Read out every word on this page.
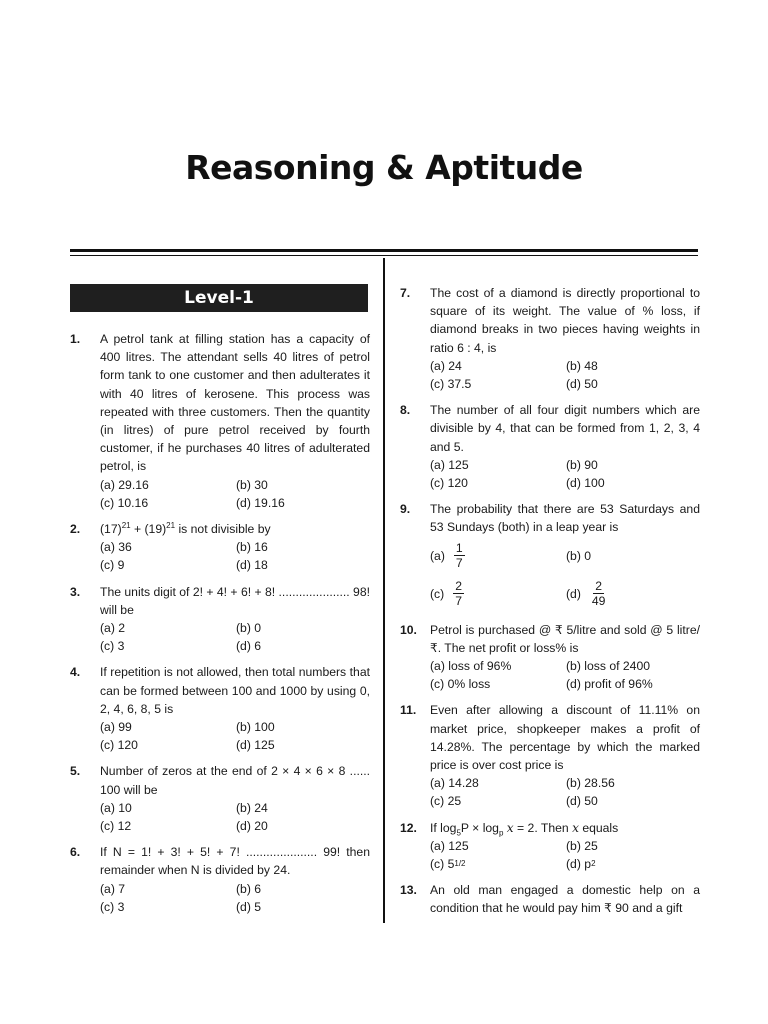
Reasoning & Aptitude
Level-1
1. A petrol tank at filling station has a capacity of 400 litres. The attendant sells 40 litres of petrol form tank to one customer and then adulterates it with 40 litres of kerosene. This process was repeated with three customers. Then the quantity (in litres) of pure petrol received by fourth customer, if he purchases 40 litres of adulterated petrol, is
(a) 29.16	(b) 30
(c) 10.16	(d) 19.16
2. $(17)^{21} + (19)^{21}$ is not divisible by
(a) 36	(b) 16
(c) 9	(d) 18
3. The units digit of 2! + 4! + 6! + 8! ..................... 98! will be
(a) 2	(b) 0
(c) 3	(d) 6
4. If repetition is not allowed, then total numbers that can be formed between 100 and 1000 by using 0, 2, 4, 6, 8, 5 is
(a) 99	(b) 100
(c) 120	(d) 125
5. Number of zeros at the end of 2 × 4 × 6 × 8 ...... 100 will be
(a) 10	(b) 24
(c) 12	(d) 20
6. If N = 1! + 3! + 5! + 7! ..................... 99! then remainder when N is divided by 24.
(a) 7	(b) 6
(c) 3	(d) 5
7. The cost of a diamond is directly proportional to square of its weight. The value of % loss, if diamond breaks in two pieces having weights in ratio 6 : 4, is
(a) 24	(b) 48
(c) 37.5	(d) 50
8. The number of all four digit numbers which are divisible by 4, that can be formed from 1, 2, 3, 4 and 5.
(a) 125	(b) 90
(c) 120	(d) 100
9. The probability that there are 53 Saturdays and 53 Sundays (both) in a leap year is
$(a) \frac{1}{7}$	(b) 0
$(c) \frac{2}{7}$	$(d) \frac{2}{49}$
10. Petrol is purchased @ ₹ 5/litre and sold @ 5 litre/₹. The net profit or loss% is
(a) loss of 96%	(b) loss of 2400
(c) 0% loss	(d) profit of 96%
11. Even after allowing a discount of 11.11% on market price, shopkeeper makes a profit of 14.28%. The percentage by which the marked price is over cost price is
(a) 14.28	(b) 28.56
(c) 25	(d) 50
12. If $\log_5P \times \log_p x = 2$. Then x equals
(a) 125	(b) 25
(c) 5 1/2	(d) p 2
13. An old man engaged a domestic help on a condition that he would pay him ₹ 90 and a gift
